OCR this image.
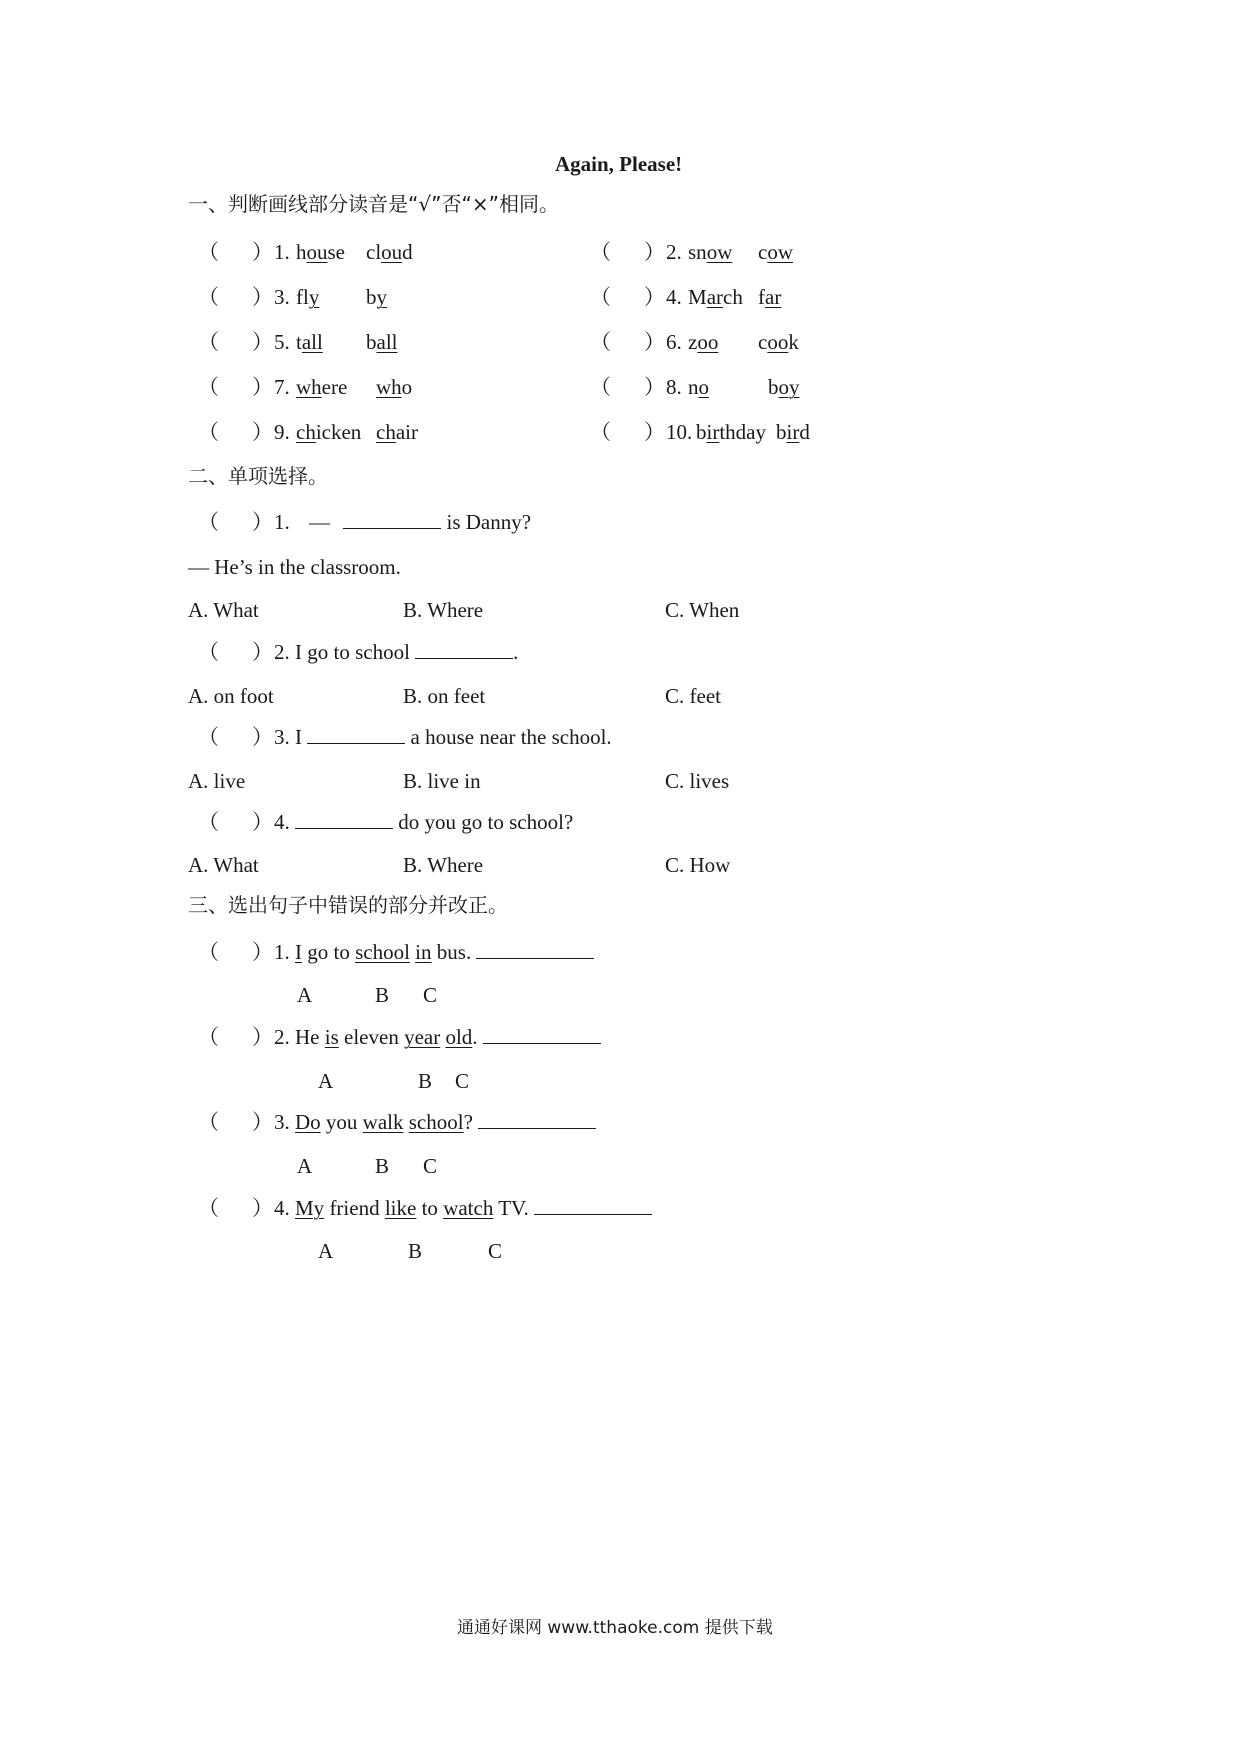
Again, Please!
一、判断画线部分读音是“√”否“×”相同。
（ ） 1. house cloud	（ ） 2. snow cow
（ ） 3. fly by	（ ） 4. March far
（ ） 5. tall ball	（ ） 6. zoo cook
（ ） 7. where who	（ ） 8. no	boy
（ ） 9. chicken chair	（ ） 10. birthday bird
二、单项选择。
（ ） 1. —	is Danny?
— He’s in the classroom.
A. What	B. Where	C. When
（ ） 2. I go to school	.
A. on foot	B. on feet	C. feet
（ ） 3. I	a house near the school.
A. live	B. live in	C. lives
（ ） 4.	do you go to school?
A. What	B. Where	C. How
三、选出句子中错误的部分并改正。
（ ） 1. I go to school in bus.
A	B C
（ ） 2. He is eleven year old.
A	B C
（ ） 3. Do you walk school?
A	B C
（ ） 4. My friend like to watch TV.
A	B	C
通通好课网 www.tthaoke.com 提供下载
